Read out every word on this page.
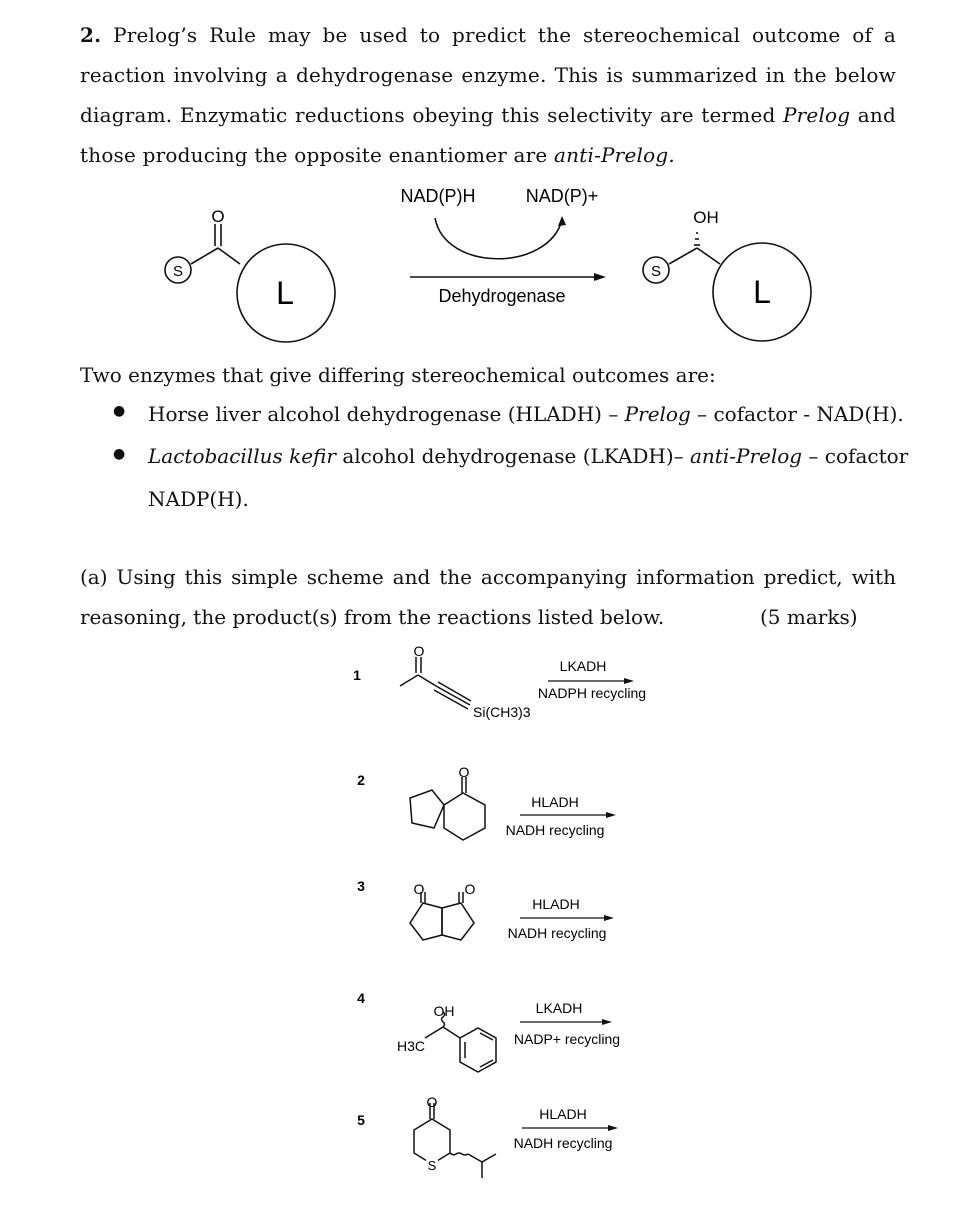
2. Prelog’s Rule may be used to predict the stereochemical outcome of a reaction involving a dehydrogenase enzyme. This is summarized in the below diagram. Enzymatic reductions obeying this selectivity are termed Prelog and those producing the opposite enantiomer are anti-Prelog.
S
O
L
NAD(P)H	NAD(P)+
Dehydrogenase
S
OH
L
Two enzymes that give differing stereochemical outcomes are:
● Horse liver alcohol dehydrogenase (HLADH) – Prelog – cofactor - NAD(H).
● Lactobacillus kefir alcohol dehydrogenase (LKADH)– anti-Prelog – cofactor
NADP(H).
(a) Using this simple scheme and the accompanying information predict, with
reasoning, the product(s) from the reactions listed below.	(5 marks)
1
O
Si(CH3)3
LKADH
NADPH recycling
2	O
HLADH
NADH recycling
3	O	O
HLADH
NADH recycling
4
OH
H3C
LKADH
NADP+ recycling
5
O
S
HLADH
NADH recycling
